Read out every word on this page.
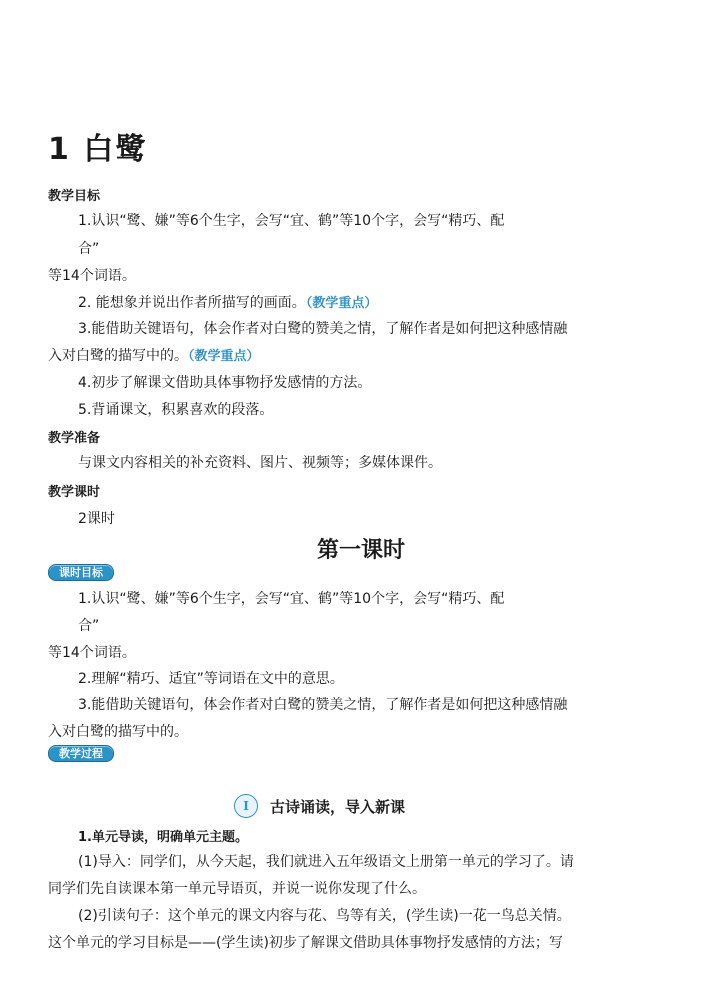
1 白鹭
教学目标
1.认识“鹭、嫌”等6个生字，会写“宜、鹤”等10个字，会写“精巧、配
合”
等14个词语。
2. 能想象并说出作者所描写的画面。（教学重点）
3.能借助关键语句，体会作者对白鹭的赞美之情，了解作者是如何把这种感情融
入对白鹭的描写中的。（教学重点）
4.初步了解课文借助具体事物抒发感情的方法。
5.背诵课文，积累喜欢的段落。
教学准备
与课文内容相关的补充资料、图片、视频等；多媒体课件。
教学课时
2课时
第一课时
课时目标
1.认识“鹭、嫌”等6个生字，会写“宜、鹤”等10个字，会写“精巧、配
合”
等14个词语。
2.理解“精巧、适宜”等词语在文中的意思。
3.能借助关键语句，体会作者对白鹭的赞美之情，了解作者是如何把这种感情融
入对白鹭的描写中的。
教学过程
I	古诗诵读，导入新课
1.单元导读，明确单元主题。
(1)导入：同学们，从今天起，我们就进入五年级语文上册第一单元的学习了。请
同学们先自读课本第一单元导语页，并说一说你发现了什么。
(2)引读句子：这个单元的课文内容与花、鸟等有关，(学生读)一花一鸟总关情。
这个单元的学习目标是——(学生读)初步了解课文借助具体事物抒发感情的方法；写
